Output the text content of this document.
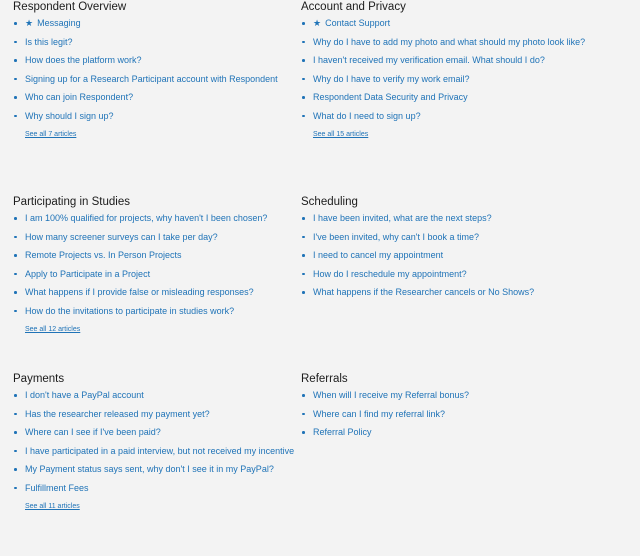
Respondent Overview
★ Messaging
Is this legit?
How does the platform work?
Signing up for a Research Participant account with Respondent
Who can join Respondent?
Why should I sign up?
See all 7 articles
Account and Privacy
★ Contact Support
Why do I have to add my photo and what should my photo look like?
I haven't received my verification email. What should I do?
Why do I have to verify my work email?
Respondent Data Security and Privacy
What do I need to sign up?
See all 15 articles
Participating in Studies
I am 100% qualified for projects, why haven't I been chosen?
How many screener surveys can I take per day?
Remote Projects vs. In Person Projects
Apply to Participate in a Project
What happens if I provide false or misleading responses?
How do the invitations to participate in studies work?
See all 12 articles
Scheduling
I have been invited, what are the next steps?
I've been invited, why can't I book a time?
I need to cancel my appointment
How do I reschedule my appointment?
What happens if the Researcher cancels or No Shows?
Payments
I don't have a PayPal account
Has the researcher released my payment yet?
Where can I see if I've been paid?
I have participated in a paid interview, but not received my incentive
My Payment status says sent, why don't I see it in my PayPal?
Fulfillment Fees
See all 11 articles
Referrals
When will I receive my Referral bonus?
Where can I find my referral link?
Referral Policy
